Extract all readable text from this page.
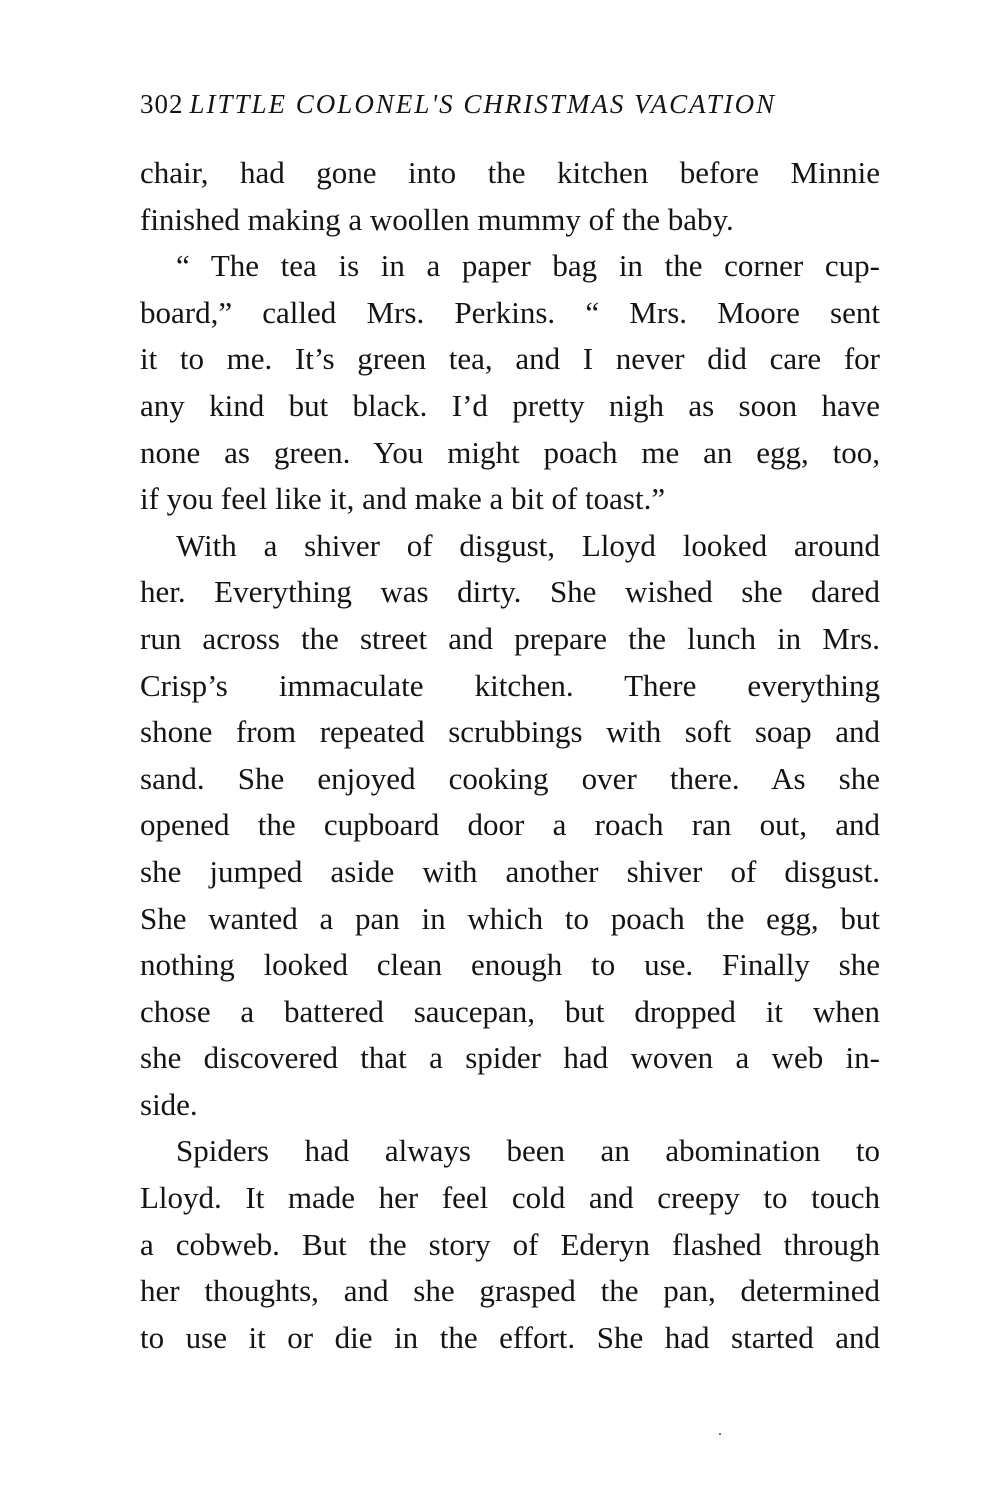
302 LITTLE COLONEL'S CHRISTMAS VACATION
chair, had gone into the kitchen before Minnie
finished making a woollen mummy of the baby.
“ The tea is in a paper bag in the corner cup-
board,” called Mrs. Perkins. “ Mrs. Moore sent
it to me. It’s green tea, and I never did care for
any kind but black. I’d pretty nigh as soon have
none as green. You might poach me an egg, too,
if you feel like it, and make a bit of toast.”
With a shiver of disgust, Lloyd looked around
her. Everything was dirty. She wished she dared
run across the street and prepare the lunch in Mrs.
Crisp’s immaculate kitchen. There everything
shone from repeated scrubbings with soft soap and
sand. She enjoyed cooking over there. As she
opened the cupboard door a roach ran out, and
she jumped aside with another shiver of disgust.
She wanted a pan in which to poach the egg, but
nothing looked clean enough to use. Finally she
chose a battered saucepan, but dropped it when
she discovered that a spider had woven a web in-
side.
Spiders had always been an abomination to
Lloyd. It made her feel cold and creepy to touch
a cobweb. But the story of Ederyn flashed through
her thoughts, and she grasped the pan, determined
to use it or die in the effort. She had started and
